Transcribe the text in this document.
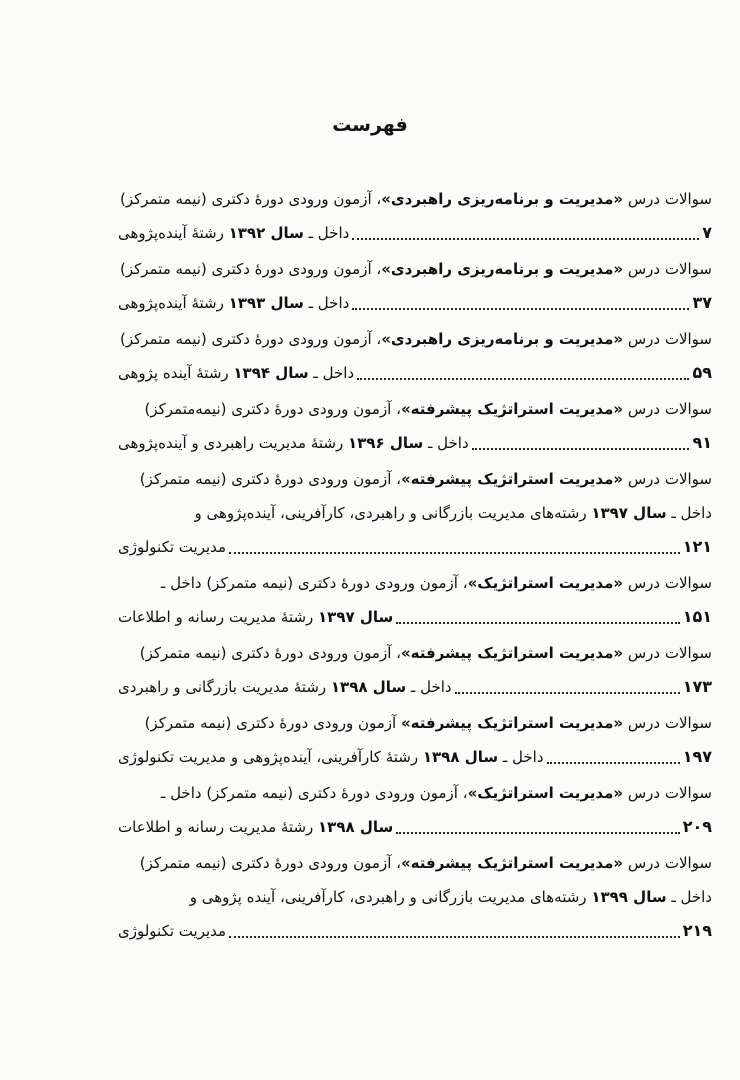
فهرست
سوالات درس «مدیریت و برنامه‌ریزی راهبردی»، آزمون ورودی دورهٔ دکتری (نیمه متمرکز)
داخل ـ سال ۱۳۹۲ رشتهٔ آینده‌پژوهی	۷
سوالات درس «مدیریت و برنامه‌ریزی راهبردی»، آزمون ورودی دورهٔ دکتری (نیمه متمرکز)
داخل ـ سال ۱۳۹۳ رشتهٔ آینده‌پژوهی	۳۷
سوالات درس «مدیریت و برنامه‌ریزی راهبردی»، آزمون ورودی دورهٔ دکتری (نیمه متمرکز)
داخل ـ سال ۱۳۹۴ رشتهٔ آینده پژوهی	۵۹
سوالات درس «مدیریت استراتژیک پیشرفته»، آزمون ورودی دورهٔ دکتری (نیمه‌متمرکز)
داخل ـ سال ۱۳۹۶ رشتهٔ مدیریت راهبردی و آینده‌پژوهی	۹۱
سوالات درس «مدیریت استراتژیک پیشرفته»، آزمون ورودی دورهٔ دکتری (نیمه متمرکز)
داخل ـ سال ۱۳۹۷ رشته‌های مدیریت بازرگانی و راهبردی، کارآفرینی، آینده‌پژوهی و
مدیریت تکنولوژی	۱۲۱
سوالات درس «مدیریت استراتژیک»، آزمون ورودی دورهٔ دکتری (نیمه متمرکز) داخل ـ
سال ۱۳۹۷ رشتهٔ مدیریت رسانه و اطلاعات	۱۵۱
سوالات درس «مدیریت استراتژیک پیشرفته»، آزمون ورودی دورهٔ دکتری (نیمه متمرکز)
داخل ـ سال ۱۳۹۸ رشتهٔ مدیریت بازرگانی و راهبردی	۱۷۳
سوالات درس «مدیریت استراتژیک پیشرفته» آزمون ورودی دورهٔ دکتری (نیمه متمرکز)
داخل ـ سال ۱۳۹۸ رشتهٔ کارآفرینی، آینده‌پژوهی و مدیریت تکنولوژی	۱۹۷
سوالات درس «مدیریت استراتژیک»، آزمون ورودی دورهٔ دکتری (نیمه متمرکز) داخل ـ
سال ۱۳۹۸ رشتهٔ مدیریت رسانه و اطلاعات	۲۰۹
سوالات درس «مدیریت استراتژیک پیشرفته»، آزمون ورودی دورهٔ دکتری (نیمه متمرکز)
داخل ـ سال ۱۳۹۹ رشته‌های مدیریت بازرگانی و راهبردی، کارآفرینی، آینده پژوهی و
مدیریت تکنولوژی	۲۱۹
